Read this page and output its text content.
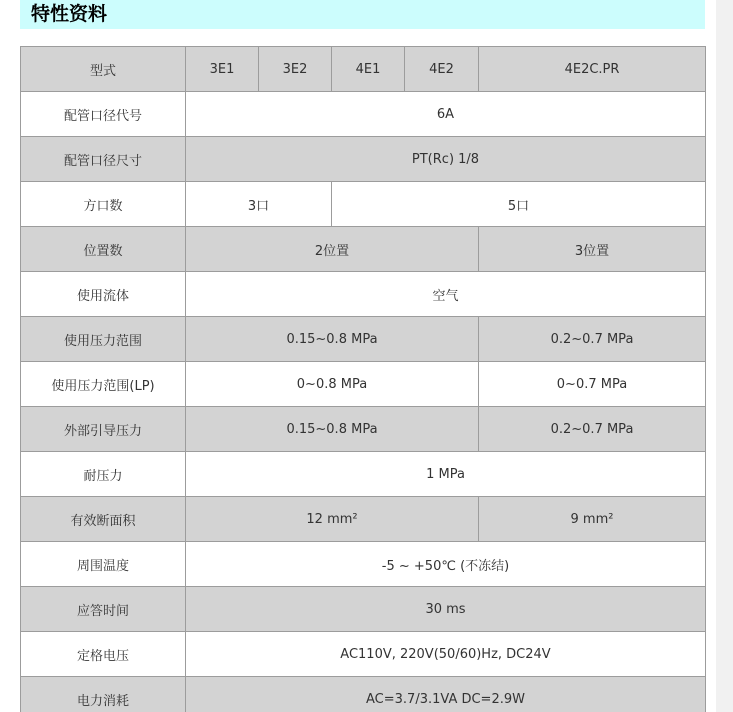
特性资料
型式	3E1	3E2	4E1	4E2	4E2C.PR
配管口径代号	6A				
配管口径尺寸	PT(Rc) 1/8				
方口数	3口		5口		
位置数	2位置				3位置
使用流体	空气				
使用压力范围	0.15~0.8 MPa				0.2~0.7 MPa
使用压力范围(LP)	0~0.8 MPa				0~0.7 MPa
外部引导压力	0.15~0.8 MPa				0.2~0.7 MPa
耐压力	1 MPa				
有效断面积	12 mm²				9 mm²
周围温度	-5 ~ +50℃ (不冻结)				
应答时间	30 ms				
定格电压	AC110V, 220V(50/60)Hz, DC24V				
电力消耗	AC=3.7/3.1VA DC=2.9W				
